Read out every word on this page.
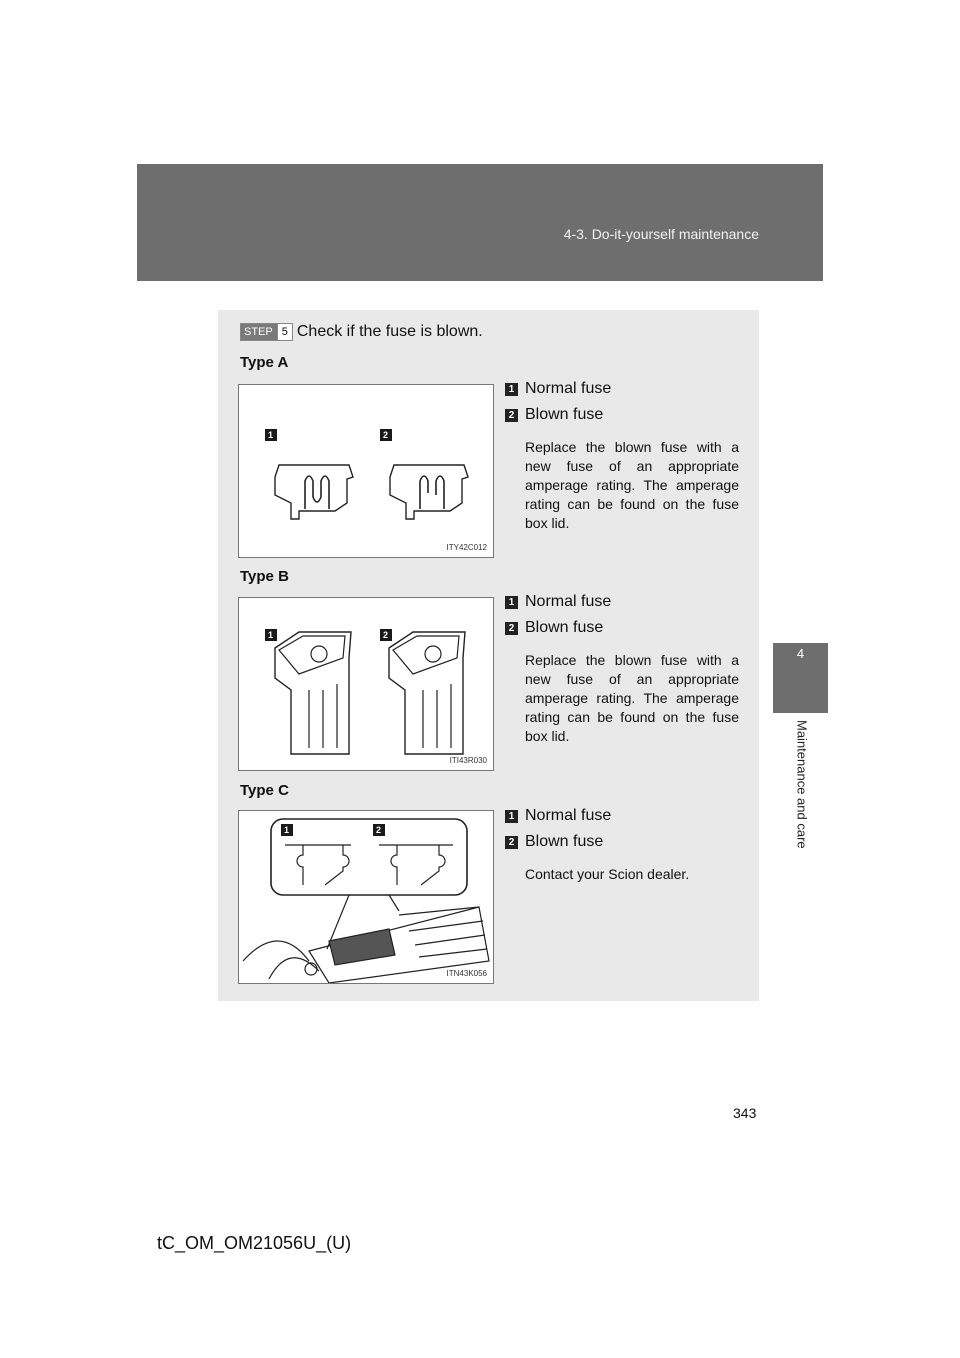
4-3. Do-it-yourself maintenance
4
Maintenance and care
STEP 5 Check if the fuse is blown.
Type A
1	2
ITY42C012
1 Normal fuse
2 Blown fuse
Replace the blown fuse with a new fuse of an appropriate amperage rating. The amperage rating can be found on the fuse box lid.
Type B
1	2
ITI43R030
1 Normal fuse
2 Blown fuse
Replace the blown fuse with a new fuse of an appropriate amperage rating. The amperage rating can be found on the fuse box lid.
Type C
1	2
ITN43K056
1 Normal fuse
2 Blown fuse
Contact your Scion dealer.
343
tC_OM_OM21056U_(U)
